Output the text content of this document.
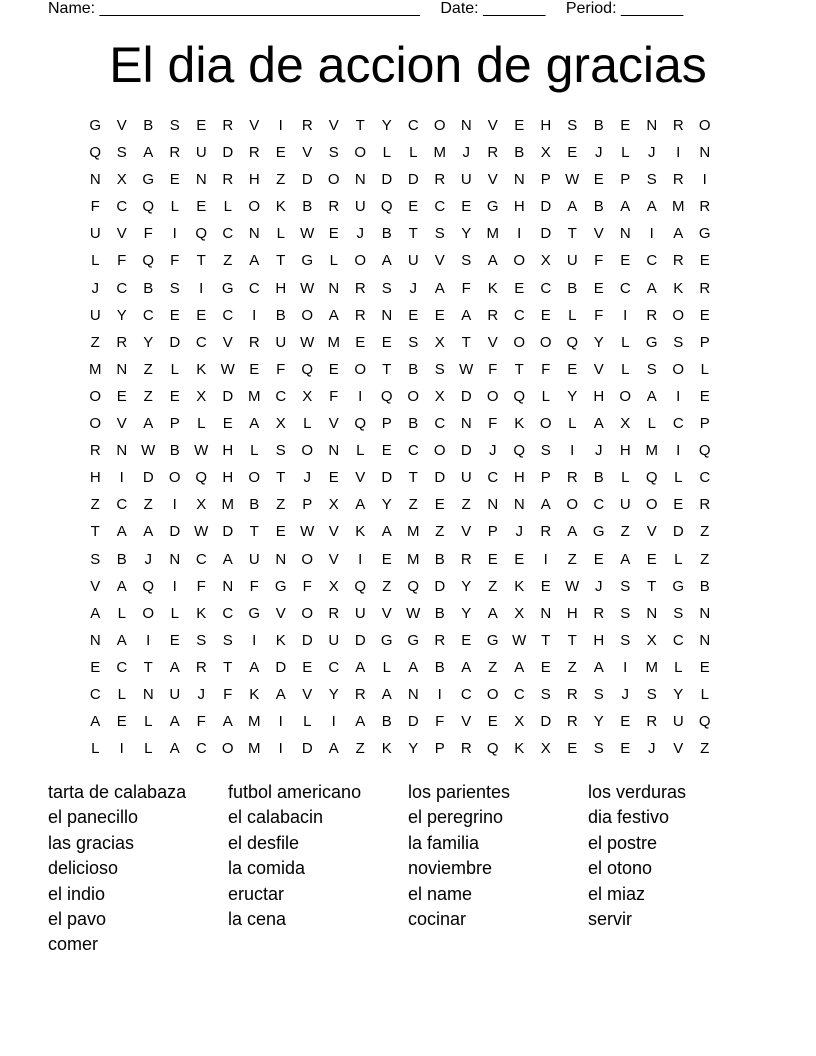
Name: ____________________________________ Date: _______ Period: _______
El dia de accion de gracias
G	V	B	S	E	R	V	I	R	V	T	Y	C	O	N	V	E	H	S	B	E	N	R	O
Q	S	A	R	U	D	R	E	V	S	O	L	L	M	J	R	B	X	E	J	L	J	I	N
N	X	G	E	N	R	H	Z	D	O	N	D	D	R	U	V	N	P W E	P	S	R	I
F	C	Q	L	E	L	O	K	B	R	U	Q	E	C	E	G	H	D	A	B	A	A	M R
U	V	F	I	Q	C	N	L	W E	J	B	T	S	Y	M	I	D	T	V	N	I	A	G
L	F	Q	F	T	Z	A	T	G	L	O	A	U	V	S	A	O	X	U	F	E	C	R	E
J	C	B	S	I	G	C	H W N	R	S	J	A	F	K	E	C	B	E	C	A	K	R
U	Y	C	E	E	C	I	B	O	A	R	N	E	E	A	R	C	E	L	F	I	R	O	E
Z	R	Y	D	C	V	R	U W M	E	E	S	X	T	V	O O Q	Y	L	G	S	P
M N	Z	L	K W E	F	Q	E	O	T	B	S W F	T	F	E	V	L	S	O	L
O	E	Z	E	X	D M C	X	F	I	Q O	X	D	O Q	L	Y	H	O	A	I	E
O	V	A	P	L	E	A	X	L	V	Q	P	B	C	N	F	K	O	L	A	X	L	C	P
R	N W B W H	L	S	O	N	L	E	C	O	D	J	Q	S	I	J	H M	I	Q
H	I	D	O Q	H	O	T	J	E	V	D	T	D	U	C	H	P	R	B	L	Q	L	C
Z	C	Z	I	X	M	B	Z	P	X	A	Y	Z	E	Z	N	N	A	O	C	U	O	E	R
T	A	A	D W D	T	E W V	K	A	M	Z	V	P	J	R	A	G	Z	V	D	Z
S	B	J	N	C	A	U	N	O	V	I	E	M	B	R	E	E	I	Z	E	A	E	L	Z
V	A	Q	I	F	N	F	G	F	X	Q	Z	Q	D	Y	Z	K	E W	J	S	T	G	B
A	L	O	L	K	C	G	V	O	R	U	V W B	Y	A	X	N	H	R	S	N	S	N
N	A	I	E	S	S	I	K	D	U	D	G G	R	E	G W T	T	H	S	X	C	N
E	C	T	A	R	T	A	D	E	C	A	L	A	B	A	Z	A	E	Z	A	I	M	L	E
C	L	N	U	J	F	K	A	V	Y	R	A	N	I	C	O	C	S	R	S	J	S	Y	L
A	E	L	A	F	A	M	I	L	I	A	B	D	F	V	E	X	D	R	Y	E	R	U	Q
L	I	L	A	C	O M	I	D	A	Z	K	Y	P	R	Q	K	X	E	S	E	J	V	Z
tarta de calabaza	futbol americano	los parientes	los verduras
el panecillo	el calabacin	el peregrino	dia festivo
las gracias	el desfile	la familia	el postre
delicioso	la comida	noviembre	el otono
el indio	eructar	el name	el miaz
el pavo	la cena	cocinar	servir
comer
